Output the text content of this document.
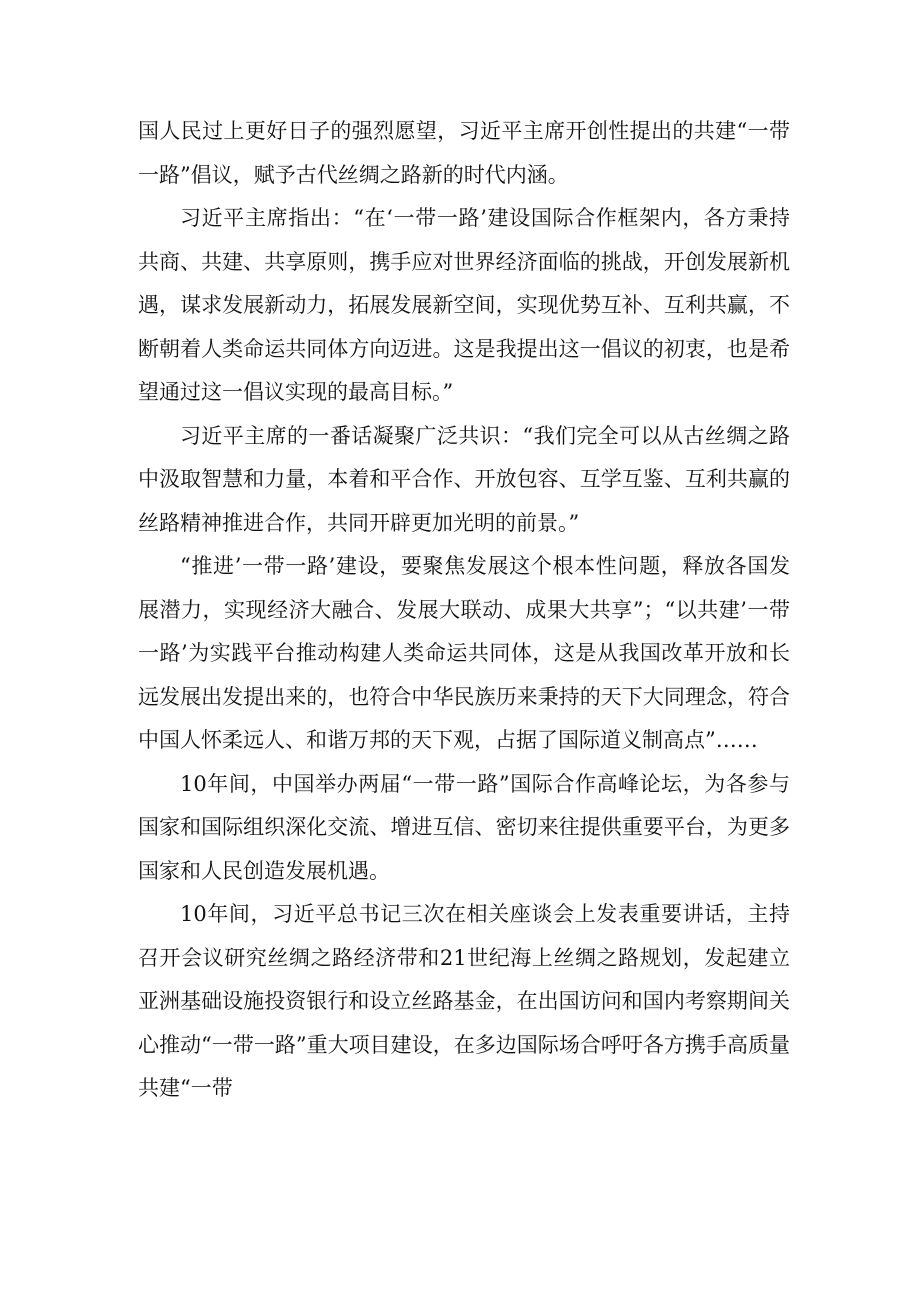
国人民过上更好日子的强烈愿望，习近平主席开创性提出的共建“一带一路”倡议，赋予古代丝绸之路新的时代内涵。

习近平主席指出：“在‘一带一路’建设国际合作框架内，各方秉持共商、共建、共享原则，携手应对世界经济面临的挑战，开创发展新机遇，谋求发展新动力，拓展发展新空间，实现优势互补、互利共赢，不断朝着人类命运共同体方向迈进。这是我提出这一倡议的初衷，也是希望通过这一倡议实现的最高目标。”

习近平主席的一番话凝聚广泛共识：“我们完全可以从古丝绸之路中汲取智慧和力量，本着和平合作、开放包容、互学互鉴、互利共赢的丝路精神推进合作，共同开辟更加光明的前景。”

“推进’一带一路’建设，要聚焦发展这个根本性问题，释放各国发展潜力，实现经济大融合、发展大联动、成果大共享”；“以共建’一带一路’为实践平台推动构建人类命运共同体，这是从我国改革开放和长远发展出发提出来的，也符合中华民族历来秉持的天下大同理念，符合中国人怀柔远人、和谐万邦的天下观，占据了国际道义制高点”……

10年间，中国举办两届“一带一路”国际合作高峰论坛，为各参与国家和国际组织深化交流、增进互信、密切来往提供重要平台，为更多国家和人民创造发展机遇。

10年间，习近平总书记三次在相关座谈会上发表重要讲话，主持召开会议研究丝绸之路经济带和21世纪海上丝绸之路规划，发起建立亚洲基础设施投资银行和设立丝路基金，在出国访问和国内考察期间关心推动“一带一路”重大项目建设，在多边国际场合呼吁各方携手高质量共建“一带
